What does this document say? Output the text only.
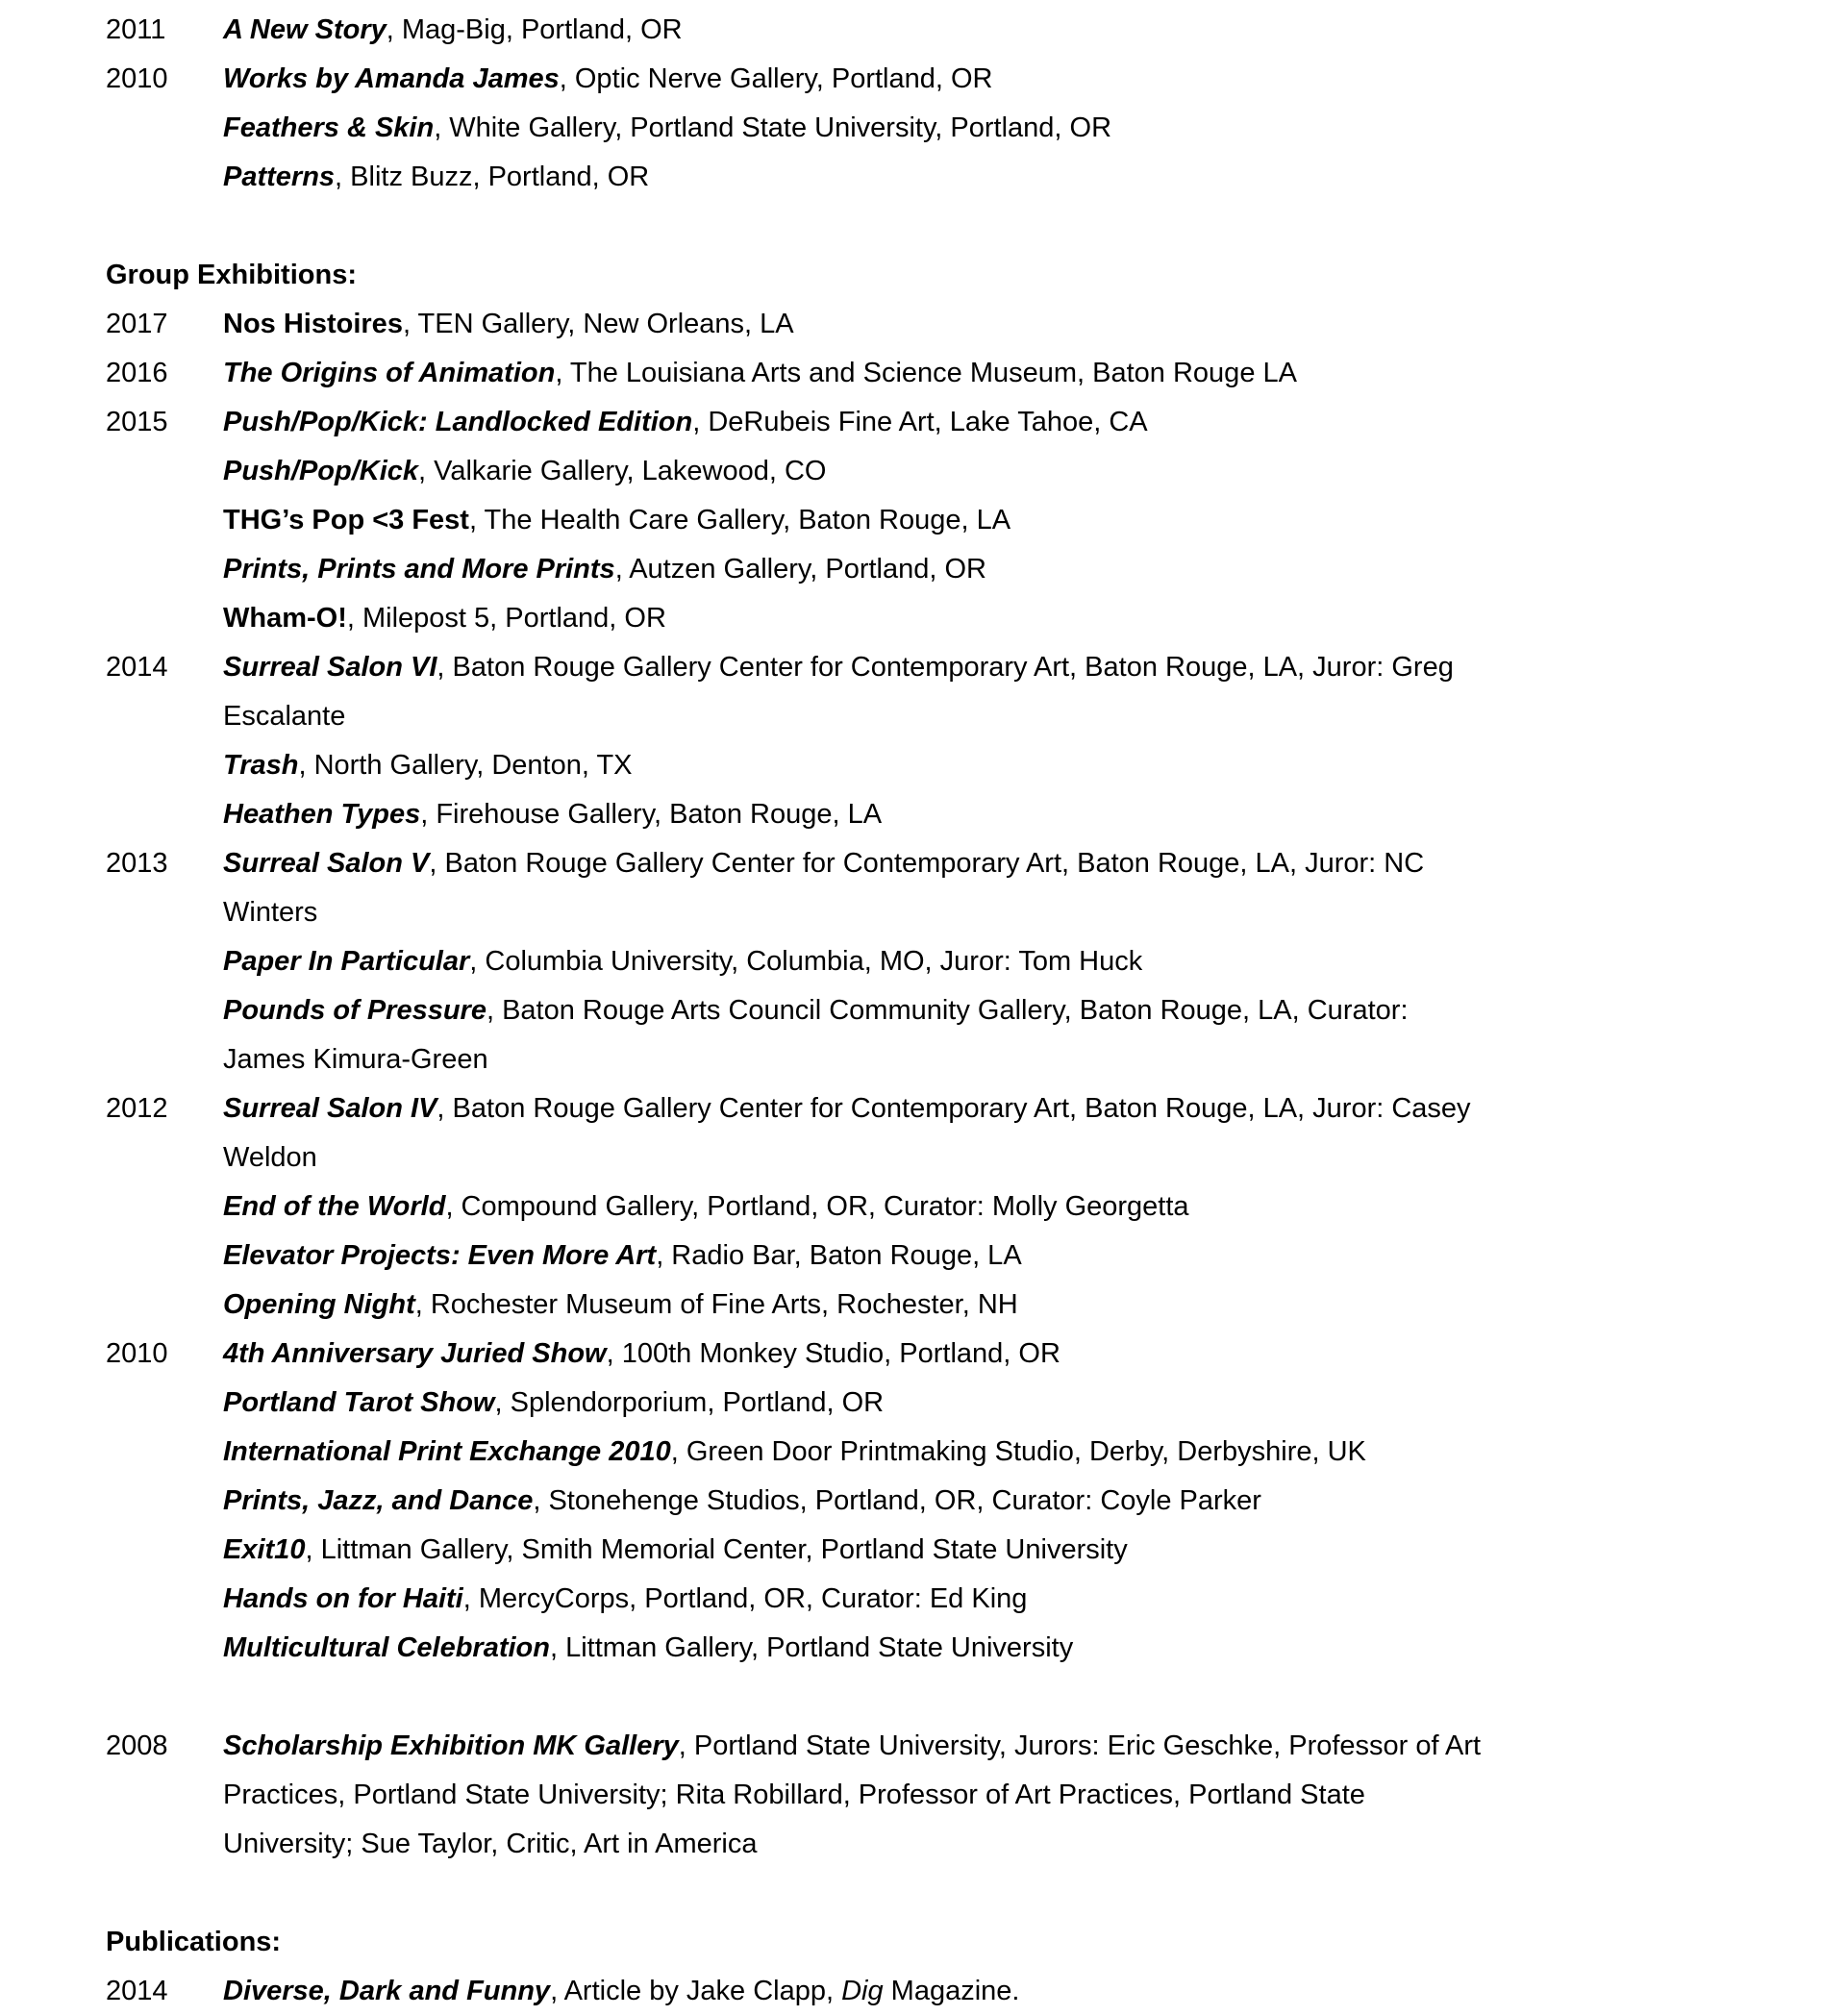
2011 A New Story, Mag-Big, Portland, OR
2010 Works by Amanda James, Optic Nerve Gallery, Portland, OR
Feathers & Skin, White Gallery, Portland State University, Portland, OR
Patterns, Blitz Buzz, Portland, OR
Group Exhibitions:
2017 Nos Histoires, TEN Gallery, New Orleans, LA
2016 The Origins of Animation, The Louisiana Arts and Science Museum, Baton Rouge LA
2015 Push/Pop/Kick: Landlocked Edition, DeRubeis Fine Art, Lake Tahoe, CA
Push/Pop/Kick, Valkarie Gallery, Lakewood, CO
THG’s Pop <3 Fest, The Health Care Gallery, Baton Rouge, LA
Prints, Prints and More Prints, Autzen Gallery, Portland, OR
Wham-O!, Milepost 5, Portland, OR
2014 Surreal Salon VI, Baton Rouge Gallery Center for Contemporary Art, Baton Rouge, LA, Juror: Greg
Escalante
Trash, North Gallery, Denton, TX
Heathen Types, Firehouse Gallery, Baton Rouge, LA
2013 Surreal Salon V, Baton Rouge Gallery Center for Contemporary Art, Baton Rouge, LA, Juror: NC
Winters
Paper In Particular, Columbia University, Columbia, MO, Juror: Tom Huck
Pounds of Pressure, Baton Rouge Arts Council Community Gallery, Baton Rouge, LA, Curator:
James Kimura-Green
2012 Surreal Salon IV, Baton Rouge Gallery Center for Contemporary Art, Baton Rouge, LA, Juror: Casey
Weldon
End of the World, Compound Gallery, Portland, OR, Curator: Molly Georgetta
Elevator Projects: Even More Art, Radio Bar, Baton Rouge, LA
Opening Night, Rochester Museum of Fine Arts, Rochester, NH
2010 4th Anniversary Juried Show, 100th Monkey Studio, Portland, OR
Portland Tarot Show, Splendorporium, Portland, OR
International Print Exchange 2010, Green Door Printmaking Studio, Derby, Derbyshire, UK
Prints, Jazz, and Dance, Stonehenge Studios, Portland, OR, Curator: Coyle Parker
Exit10, Littman Gallery, Smith Memorial Center, Portland State University
Hands on for Haiti, MercyCorps, Portland, OR, Curator: Ed King
Multicultural Celebration, Littman Gallery, Portland State University
2008 Scholarship Exhibition MK Gallery, Portland State University, Jurors: Eric Geschke, Professor of Art
Practices, Portland State University; Rita Robillard, Professor of Art Practices, Portland State
University; Sue Taylor, Critic, Art in America
Publications:
2014 Diverse, Dark and Funny, Article by Jake Clapp, Dig Magazine.
